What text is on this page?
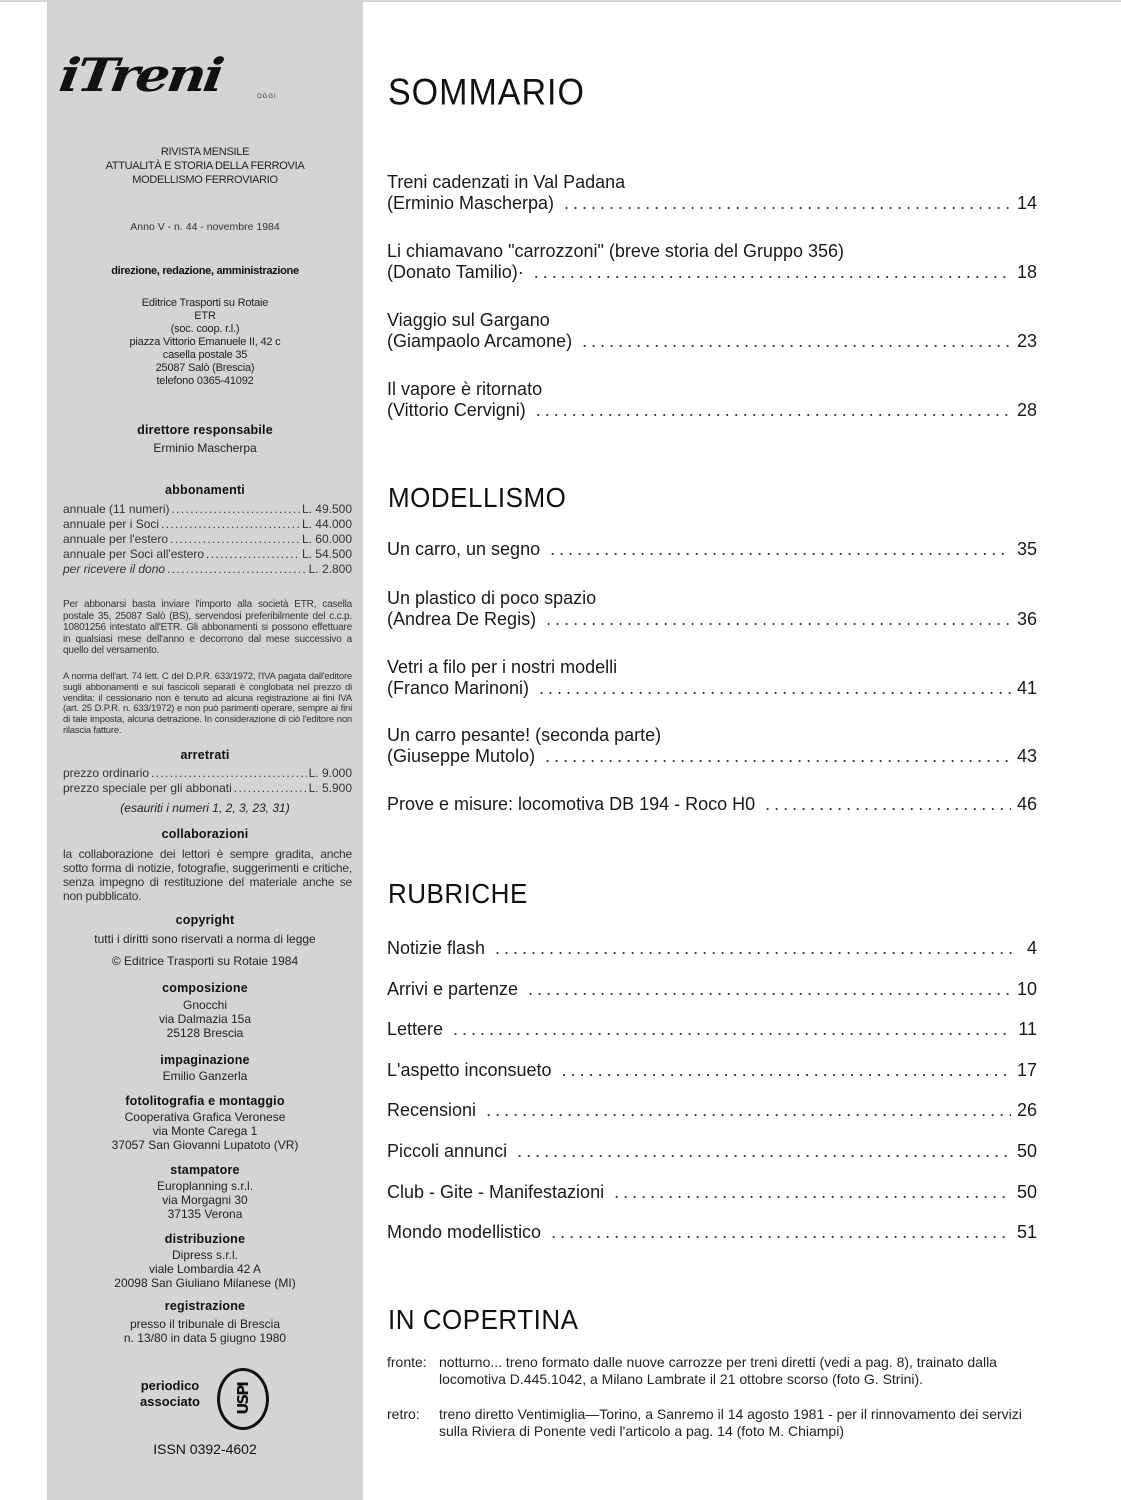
iTreni	OGGI
RIVISTA MENSILE
ATTUALITÀ E STORIA DELLA FERROVIA
MODELLISMO FERROVIARIO
Anno V - n. 44 - novembre 1984
direzione, redazione, amministrazione
Editrice Trasporti su Rotaie
ETR
(soc. coop. r.l.)
piazza Vittorio Emanuele II, 42 c
casella postale 35
25087 Salò (Brescia)
telefono 0365-41092
direttore responsabile
Erminio Mascherpa
abbonamenti
annuale (11 numeri) . . .	L. 49.500
annuale per i Soci . . .	L. 44.000
annuale per l'estero . . .	L. 60.000
annuale per Soci all'estero . . .	L. 54.500
per ricevere il dono . . .	L. 2.800
Per abbonarsi basta inviare l'importo alla società ETR, casella postale 35, 25087 Salò (BS), servendosi preferibilmente del c.c.p. 10801256 intestato all'ETR. Gli abbonamenti si possono effettuare in qualsiasi mese dell'anno e decorrono dal mese successivo a quello del versamento.
A norma dell'art. 74 lett. C del D.P.R. 633/1972, l'IVA pagata dall'editore sugli abbonamenti e sui fascicoli separati è conglobata nel prezzo di vendita: il cessionario non è tenuto ad alcuna registrazione ai fini IVA (art. 25 D.P.R. n. 633/1972) e non può parimenti operare, sempre ai fini di tale imposta, alcuna detrazione. In considerazione di ciò l'editore non rilascia fatture.
arretrati
prezzo ordinario . . .	L. 9.000
prezzo speciale per gli abbonati . . .	L. 5.900
(esauriti i numeri 1, 2, 3, 23, 31)
collaborazioni
la collaborazione dei lettori è sempre gradita, anche sotto forma di notizie, fotografie, suggerimenti e critiche, senza impegno di restituzione del materiale anche se non pubblicato.
copyright
tutti i diritti sono riservati a norma di legge
© Editrice Trasporti su Rotaie 1984
composizione
Gnocchi
via Dalmazia 15a
25128 Brescia
impaginazione
Emilio Ganzerla
fotolitografia e montaggio
Cooperativa Grafica Veronese
via Monte Carega 1
37057 San Giovanni Lupatoto (VR)
stampatore
Europlanning s.r.l.
via Morgagni 30
37135 Verona
distribuzione
Dipress s.r.l.
viale Lombardia 42 A
20098 San Giuliano Milanese (MI)
registrazione
presso il tribunale di Brescia
n. 13/80 in data 5 giugno 1980
periodico
associato	USPI
ISSN 0392-4602
SOMMARIO
Treni cadenzati in Val Padana
(Erminio Mascherpa) . . .	14
Li chiamavano "carrozzoni" (breve storia del Gruppo 356)
(Donato Tamilio)· . . .	18
Viaggio sul Gargano
(Giampaolo Arcamone) . . .	23
Il vapore è ritornato
(Vittorio Cervigni) . . .	28
MODELLISMO
Un carro, un segno . . .	35
Un plastico di poco spazio
(Andrea De Regis) . . .	36
Vetri a filo per i nostri modelli
(Franco Marinoni) . . .	41
Un carro pesante! (seconda parte)
(Giuseppe Mutolo) . . .	43
Prove e misure: locomotiva DB 194 - Roco H0 . . .	46
RUBRICHE
Notizie flash . . .	4
Arrivi e partenze . . .	10
Lettere . . .	11
L'aspetto inconsueto . . .	17
Recensioni . . .	26
Piccoli annunci . . .	50
Club - Gite - Manifestazioni . . .	50
Mondo modellistico . . .	51
IN COPERTINA
fronte: notturno... treno formato dalle nuove carrozze per treni diretti (vedi a pag. 8), trainato dalla locomotiva D.445.1042, a Milano Lambrate il 21 ottobre scorso (foto G. Strini).
retro:	treno diretto Ventimiglia—Torino, a Sanremo il 14 agosto 1981 - per il rinnovamento dei servizi sulla Riviera di Ponente vedi l'articolo a pag. 14 (foto M. Chiampi)
